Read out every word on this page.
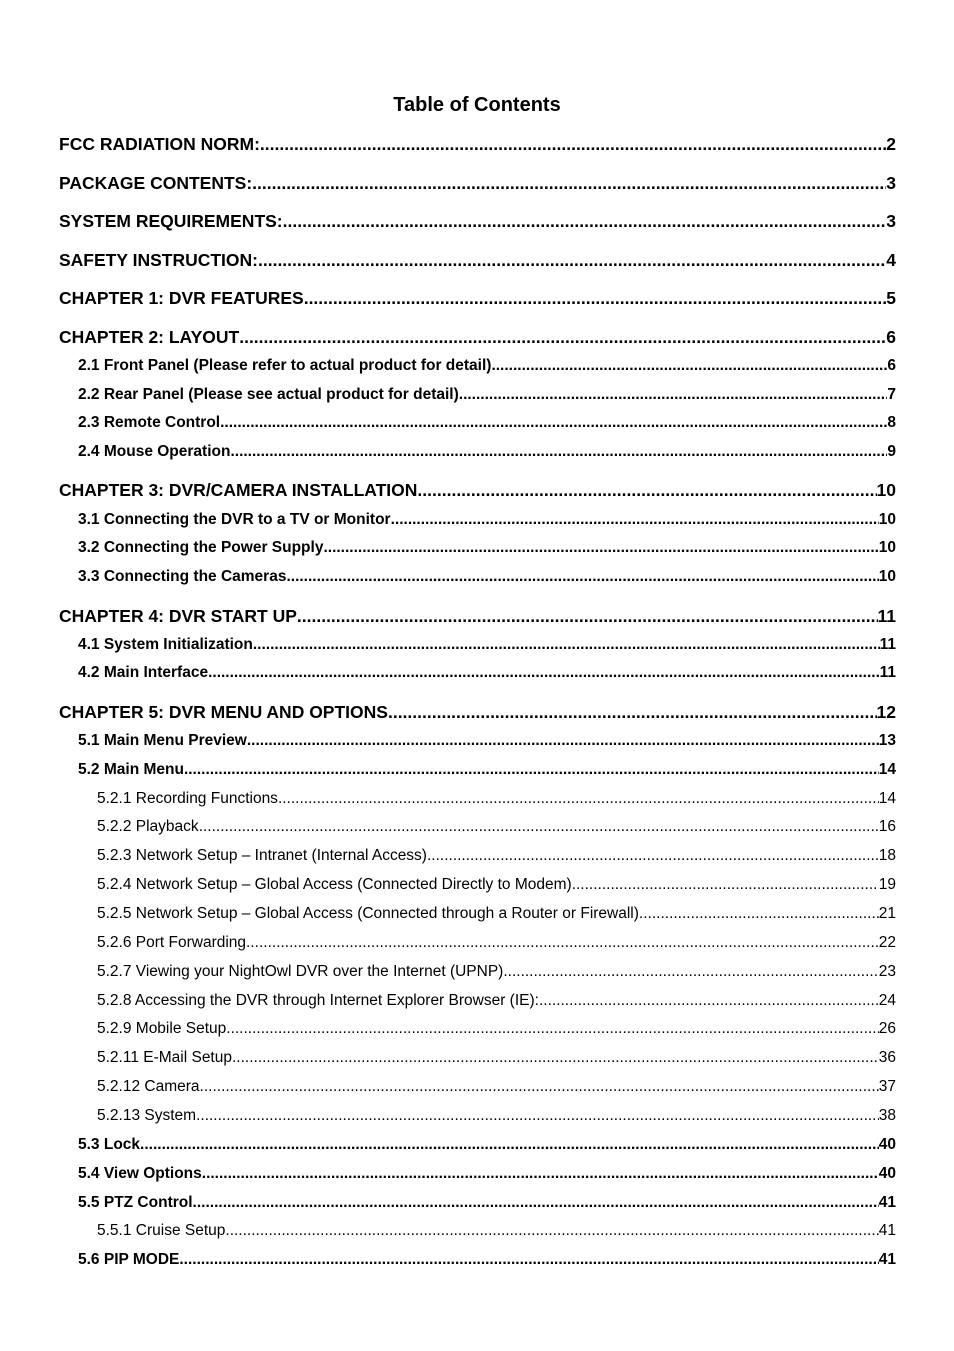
Table of Contents
FCC RADIATION NORM: .....	2
PACKAGE CONTENTS: .....	3
SYSTEM REQUIREMENTS: .....	3
SAFETY INSTRUCTION: .....	4
CHAPTER 1: DVR FEATURES .....	5
CHAPTER 2: LAYOUT .....	6
2.1 Front Panel (Please refer to actual product for detail) .....	6
2.2 Rear Panel (Please see actual product for detail) .....	7
2.3 Remote Control .....	8
2.4 Mouse Operation .....	9
CHAPTER 3: DVR/CAMERA INSTALLATION .....	10
3.1 Connecting the DVR to a TV or Monitor .....	10
3.2 Connecting the Power Supply .....	10
3.3 Connecting the Cameras .....	10
CHAPTER 4: DVR START UP .....	11
4.1 System Initialization .....	11
4.2 Main Interface .....	11
CHAPTER 5: DVR MENU AND OPTIONS .....	12
5.1 Main Menu Preview .....	13
5.2 Main Menu .....	14
5.2.1 Recording Functions .....	14
5.2.2 Playback .....	16
5.2.3 Network Setup – Intranet (Internal Access) .....	18
5.2.4 Network Setup – Global Access (Connected Directly to Modem) .....	19
5.2.5 Network Setup – Global Access (Connected through a Router or Firewall) .....	21
5.2.6 Port Forwarding .....	22
5.2.7 Viewing your NightOwl DVR over the Internet (UPNP) .....	23
5.2.8 Accessing the DVR through Internet Explorer Browser (IE): .....	24
5.2.9 Mobile Setup .....	26
5.2.11 E-Mail Setup .....	36
5.2.12 Camera .....	37
5.2.13 System .....	38
5.3 Lock .....	40
5.4 View Options .....	40
5.5 PTZ Control .....	41
5.5.1 Cruise Setup .....	41
5.6 PIP MODE .....	41
